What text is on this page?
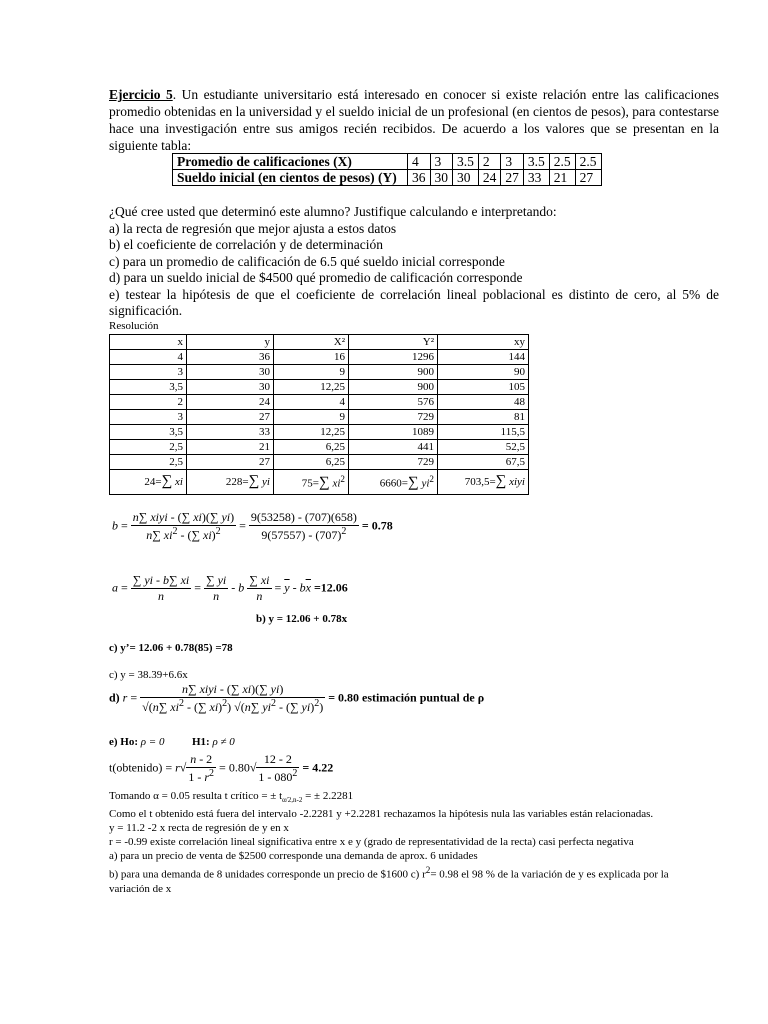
Ejercicio 5. Un estudiante universitario está interesado en conocer si existe relación entre las calificaciones promedio obtenidas en la universidad y el sueldo inicial de un profesional (en cientos de pesos), para contestarse hace una investigación entre sus amigos recién recibidos. De acuerdo a los valores que se presentan en la siguiente tabla:
Promedio de calificaciones (X)	4	3	3.5	2	3	3.5	2.5	2.5
Sueldo inicial (en cientos de pesos) (Y)	36	30	30	24	27	33	21	27
¿Qué cree usted que determinó este alumno? Justifique calculando e interpretando:
a) la recta de regresión que mejor ajusta a estos datos
b) el coeficiente de correlación y de determinación
c) para un promedio de calificación de 6.5 qué sueldo inicial corresponde
d) para un sueldo inicial de $4500 qué promedio de calificación corresponde
e) testear la hipótesis de que el coeficiente de correlación lineal poblacional es distinto de cero, al 5% de significación.
Resolución
x	y	X²	Y²	xy
4	36	16	1296	144
3	30	9	900	90
3,5	30	12,25	900	105
2	24	4	576	48
3	27	9	729	81
3,5	33	12,25	1089	115,5
2,5	21	6,25	441	52,5
2,5	27	6,25	729	67,5
24=∑ xi	228=∑ yi	75=∑ $xi^2$	6660=∑ $yi^2$	703,5=∑ xiyi
$b = \frac{\text{n∑ xiyi - (∑ xi)(∑ yi)}}{n\sum xi^2 - (\sum xi)^2} = \frac{9(53258) - (707)(658)}{9(57557) - (707)^2} = 0.78$
$a = \frac{\sum yi - b\sum xi}{n} = \frac{\sum yi}{n} - b \frac{\sum xi}{n} = \overline{y} - b\overline{x} =12.06$
b) y = 12.06 + 0.78x
c) y’= 12.06 + 0.78(85) =78
c) y = 38.39+6.6x
d) $r = \frac{\text{n∑ xiyi - (∑ xi)(∑ yi)}}{√(n\sum xi^2 - (\sum xi)^2) √(n\sum yi^2 - (\sum yi)^2)} = 0.80$ estimación puntual de ρ
e) Ho: ρ = 0	H1: ρ ≠ 0
t(obtenido) = $r√ \frac{n - 2}{1 - r^2} = 0.80√ \frac{12 - 2}{1 - 080^2} = 4.22$
Tomando α = 0.05 resulta t crítico = ± $t_{\alpha/2,n-2}$ = ± 2.2281
Como el t obtenido está fuera del intervalo -2.2281 y +2.2281 rechazamos la hipótesis nula las variables están relacionadas.
y = 11.2 -2 x recta de regresión de y en x
r = -0.99 existe correlación lineal significativa entre x e y (grado de representatividad de la recta) casi perfecta negativa
a) para un precio de venta de $2500 corresponde una demanda de aprox. 6 unidades
b) para una demanda de 8 unidades corresponde un precio de $1600 c) $r^2= 0.98$ el 98 % de la variación de y es explicada por la variación de x
